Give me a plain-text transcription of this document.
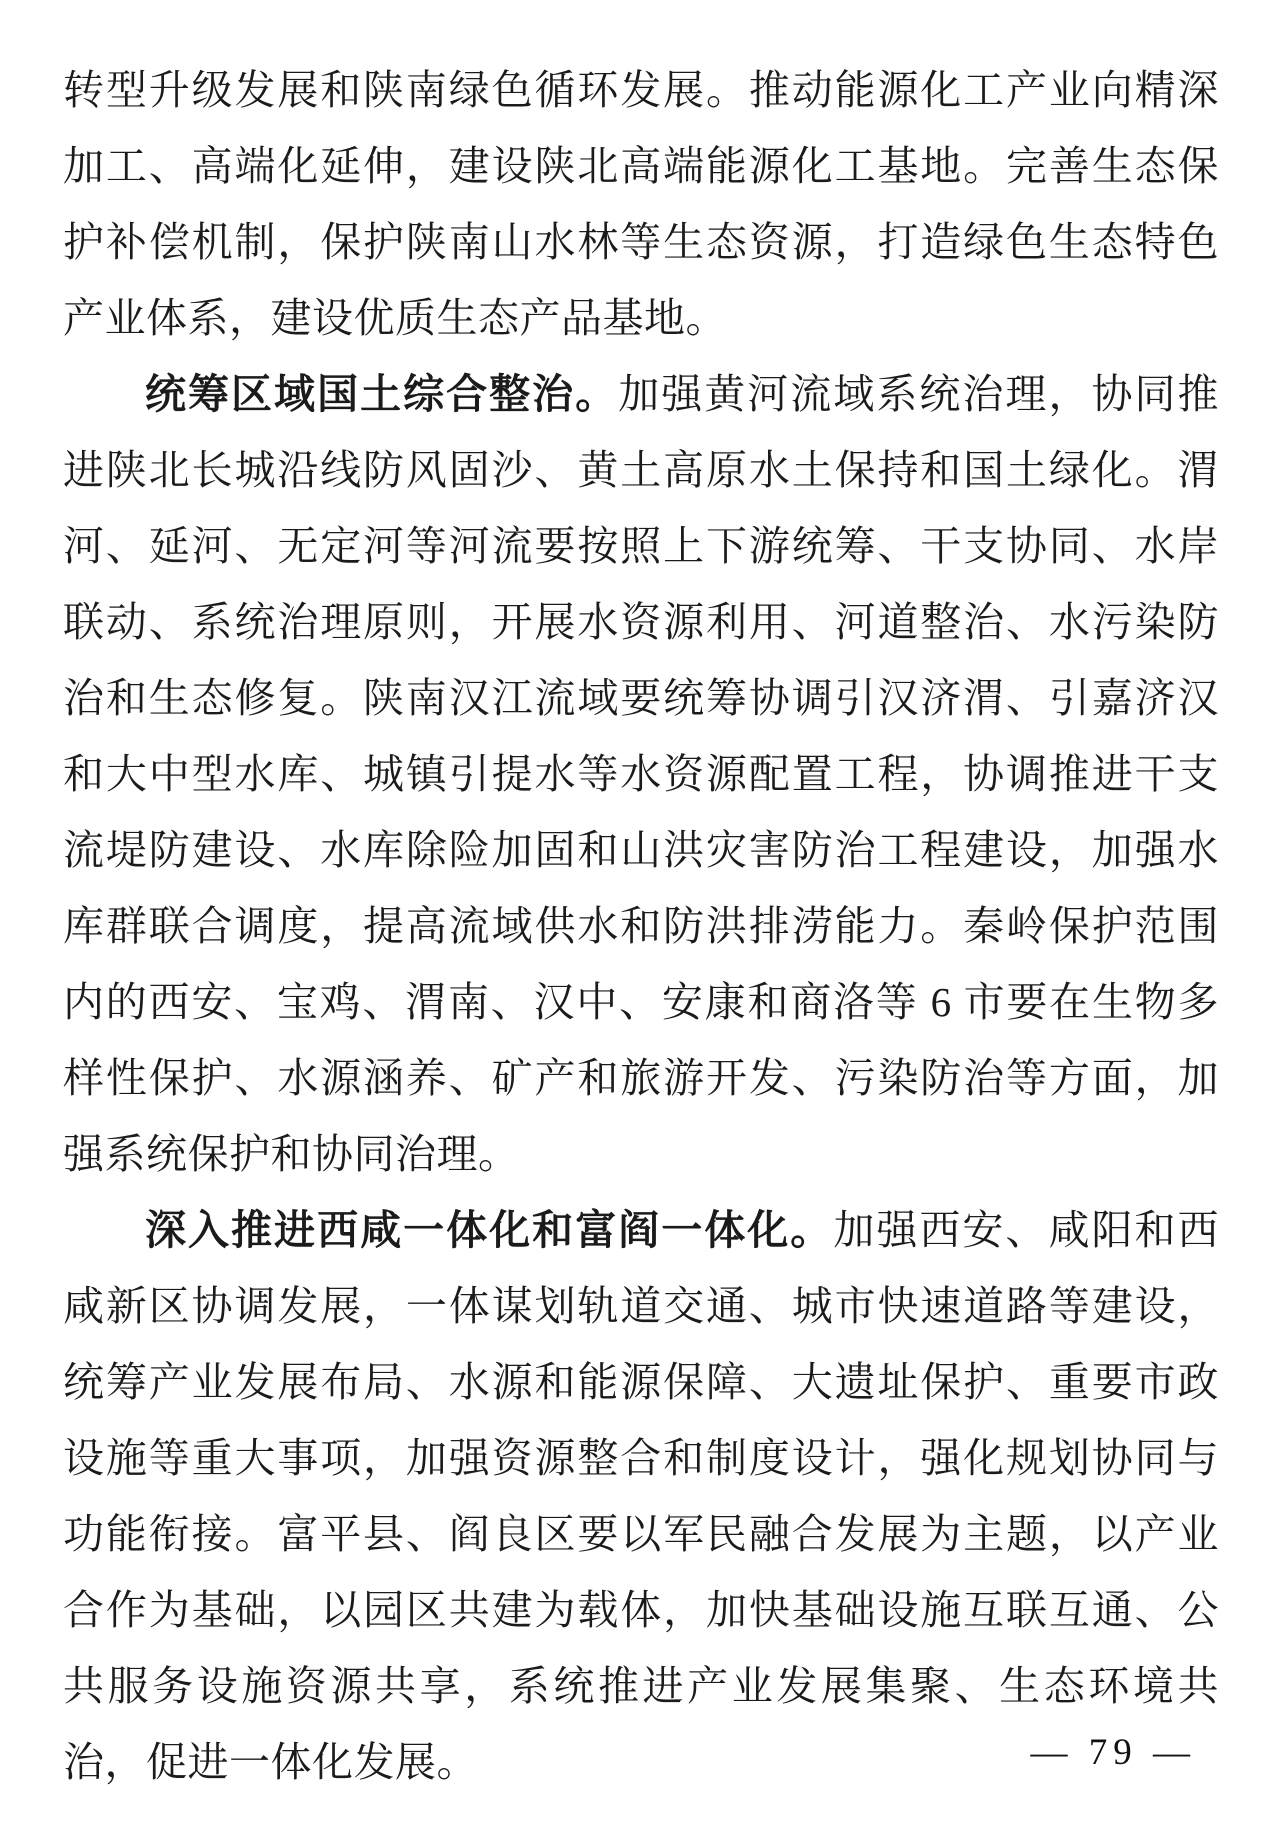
转型升级发展和陕南绿色循环发展。推动能源化工产业向精深加工、高端化延伸，建设陕北高端能源化工基地。完善生态保护补偿机制，保护陕南山水林等生态资源，打造绿色生态特色产业体系，建设优质生态产品基地。

统筹区域国土综合整治。加强黄河流域系统治理，协同推进陕北长城沿线防风固沙、黄土高原水土保持和国土绿化。渭河、延河、无定河等河流要按照上下游统筹、干支协同、水岸联动、系统治理原则，开展水资源利用、河道整治、水污染防治和生态修复。陕南汉江流域要统筹协调引汉济渭、引嘉济汉和大中型水库、城镇引提水等水资源配置工程，协调推进干支流堤防建设、水库除险加固和山洪灾害防治工程建设，加强水库群联合调度，提高流域供水和防洪排涝能力。秦岭保护范围内的西安、宝鸡、渭南、汉中、安康和商洛等 6 市要在生物多样性保护、水源涵养、矿产和旅游开发、污染防治等方面，加强系统保护和协同治理。

深入推进西咸一体化和富阎一体化。加强西安、咸阳和西咸新区协调发展，一体谋划轨道交通、城市快速道路等建设，统筹产业发展布局、水源和能源保障、大遗址保护、重要市政设施等重大事项，加强资源整合和制度设计，强化规划协同与功能衔接。富平县、阎良区要以军民融合发展为主题，以产业合作为基础，以园区共建为载体，加快基础设施互联互通、公共服务设施资源共享，系统推进产业发展集聚、生态环境共治，促进一体化发展。	— 79 —
